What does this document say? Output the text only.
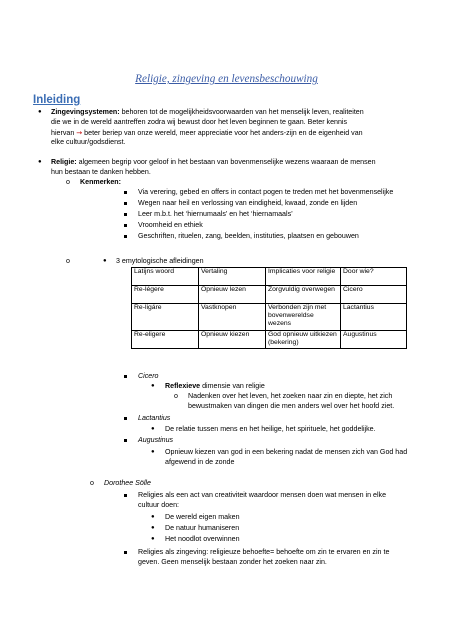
Religie, zingeving en levensbeschouwing
Inleiding
● Zingevingsystemen: behoren tot de mogelijkheidsvoorwaarden van het menselijk leven, realiteiten
die we in de wereld aantreffen zodra wij bewust door het leven beginnen te gaan. Beter kennis
hiervan → beter beriep van onze wereld, meer appreciatie voor het anders-zijn en de eigenheid van
elke cultuur/godsdienst.
● Religie: algemeen begrip voor geloof in het bestaan van bovenmenselijke wezens waaraan de mensen
hun bestaan te danken hebben.
o Kenmerken:
Via verering, gebed en offers in contact pogen te treden met het bovenmenselijke
Wegen naar heil en verlossing van eindigheid, kwaad, zonde en lijden
Leer m.b.t. het ‘hiernumaals’ en het ‘hiernamaals’
Vroomheid en ethiek
Geschriften, rituelen, zang, beelden, instituties, plaatsen en gebouwen
o	● 3 emytologische afleidingen
Latijns woord	Vertaling	Implicaties voor religie	Door wie?
Re-légere	Opnieuw lezen	Zorgvuldig overwegen	Cicero
Re-ligáre	Vastknopen	Verbonden zijn met bovenwereldse wezens	Lactantius
Re-eligere	Opnieuw kiezen	God opnieuw uitkiezen (bekering)	Augustinus
Cicero
● Reflexieve dimensie van religie
o Nadenken over het leven, het zoeken naar zin en diepte, het zich
bewustmaken van dingen die men anders wel over het hoofd ziet.
Lactantius
● De relatie tussen mens en het heilige, het spirituele, het goddelijke.
Augustinus
● Opnieuw kiezen van god in een bekering nadat de mensen zich van God had
afgewend in de zonde
o Dorothee Sölle
Religies als een act van creativiteit waardoor mensen doen wat mensen in elke
cultuur doen:
● De wereld eigen maken
● De natuur humaniseren
● Het noodlot overwinnen
Religies als zingeving: religieuze behoefte= behoefte om zin te ervaren en zin te
geven. Geen menselijk bestaan zonder het zoeken naar zin.
